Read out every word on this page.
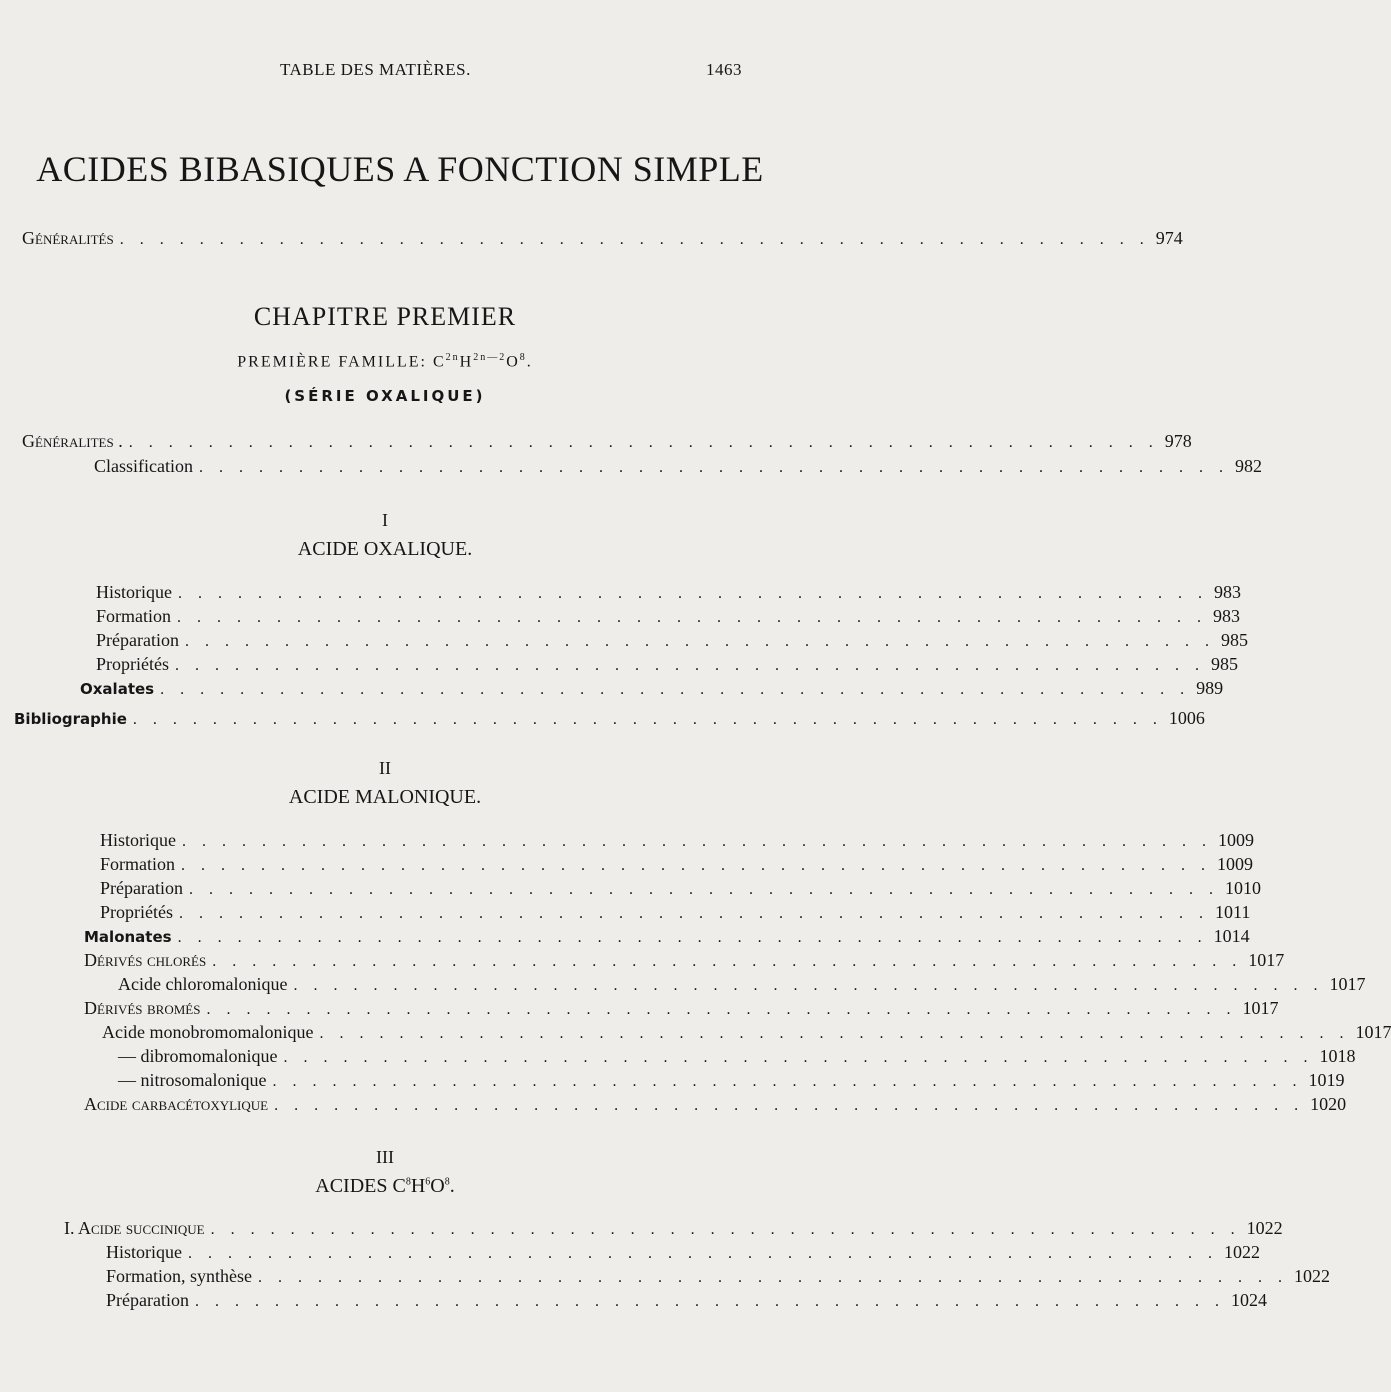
TABLE DES MATIÈRES.	1463
ACIDES BIBASIQUES A FONCTION SIMPLE
Généralités . . . . . . . . . . . . . . . . . . . . . . . . . . . . . . . . . . . . . . . . . . . . . . . . . . . . 974
CHAPITRE PREMIER
PREMIÈRE FAMILLE: $C^{2n}H^{2n—2}O^8$.
(SÉRIE OXALIQUE)
Généralites . . . . . . . . . . . . . . . . . . . . . . . . . . . . . . . . . . . . . . . . . . . . . . . . . . . . . 978
Classification . . . . . . . . . . . . . . . . . . . . . . . . . . . . . . . . . . . . . . . . . . . . . . . . . . . . 982
I
ACIDE OXALIQUE.
Historique . . . . . . . . . . . . . . . . . . . . . . . . . . . . . . . . . . . . . . . . . . . . . . . . . . . . 983
Formation . . . . . . . . . . . . . . . . . . . . . . . . . . . . . . . . . . . . . . . . . . . . . . . . . . . . 983
Préparation . . . . . . . . . . . . . . . . . . . . . . . . . . . . . . . . . . . . . . . . . . . . . . . . . . . . 985
Propriétés . . . . . . . . . . . . . . . . . . . . . . . . . . . . . . . . . . . . . . . . . . . . . . . . . . . . 985
Oxalates . . . . . . . . . . . . . . . . . . . . . . . . . . . . . . . . . . . . . . . . . . . . . . . . . . . . 989
Bibliographie . . . . . . . . . . . . . . . . . . . . . . . . . . . . . . . . . . . . . . . . . . . . . . . . . . . . 1006
II
ACIDE MALONIQUE.
Historique . . . . . . . . . . . . . . . . . . . . . . . . . . . . . . . . . . . . . . . . . . . . . . . . . . . . 1009
Formation . . . . . . . . . . . . . . . . . . . . . . . . . . . . . . . . . . . . . . . . . . . . . . . . . . . . 1009
Préparation . . . . . . . . . . . . . . . . . . . . . . . . . . . . . . . . . . . . . . . . . . . . . . . . . . . . 1010
Propriétés . . . . . . . . . . . . . . . . . . . . . . . . . . . . . . . . . . . . . . . . . . . . . . . . . . . . 1011
Malonates . . . . . . . . . . . . . . . . . . . . . . . . . . . . . . . . . . . . . . . . . . . . . . . . . . . . 1014
Dérivés chlorés . . . . . . . . . . . . . . . . . . . . . . . . . . . . . . . . . . . . . . . . . . . . . . . . . . . . 1017
Acide chloromalonique . . . . . . . . . . . . . . . . . . . . . . . . . . . . . . . . . . . . . . . . . . . . . . . . . . . . 1017
Dérivés bromés . . . . . . . . . . . . . . . . . . . . . . . . . . . . . . . . . . . . . . . . . . . . . . . . . . . . 1017
Acide monobromomalonique . . . . . . . . . . . . . . . . . . . . . . . . . . . . . . . . . . . . . . . . . . . . . . . . . . . . 1017
— dibromomalonique . . . . . . . . . . . . . . . . . . . . . . . . . . . . . . . . . . . . . . . . . . . . . . . . . . . . 1018
— nitrosomalonique . . . . . . . . . . . . . . . . . . . . . . . . . . . . . . . . . . . . . . . . . . . . . . . . . . . . 1019
Acide carbacétoxylique . . . . . . . . . . . . . . . . . . . . . . . . . . . . . . . . . . . . . . . . . . . . . . . . . . . . 1020
III
ACIDES $C^8H^6O^8$.
I. Acide succinique . . . . . . . . . . . . . . . . . . . . . . . . . . . . . . . . . . . . . . . . . . . . . . . . . . . . 1022
Historique . . . . . . . . . . . . . . . . . . . . . . . . . . . . . . . . . . . . . . . . . . . . . . . . . . . . 1022
Formation, synthèse . . . . . . . . . . . . . . . . . . . . . . . . . . . . . . . . . . . . . . . . . . . . . . . . . . . . 1022
Préparation . . . . . . . . . . . . . . . . . . . . . . . . . . . . . . . . . . . . . . . . . . . . . . . . . . . . 1024
